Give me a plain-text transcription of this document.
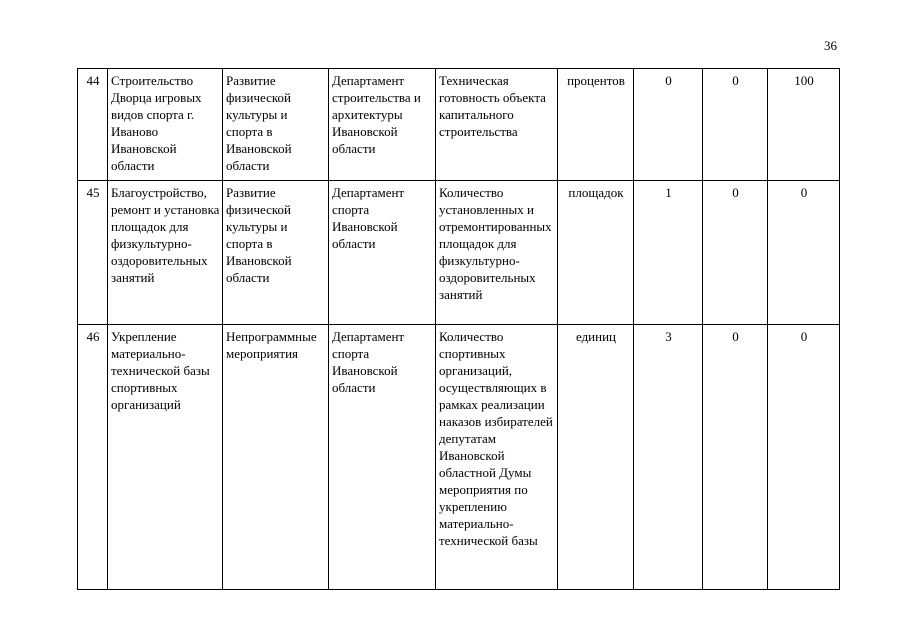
36
44	Строительство Дворца игровых видов спорта г. Иваново Ивановской области	Развитие физической культуры и спорта в Ивановской области	Департамент строительства и архитектуры Ивановской области	Техническая готовность объекта капитального строительства	процентов	0	0	100
45	Благоустройство, ремонт и установка площадок для физкультурно-оздоровительных занятий	Развитие физической культуры и спорта в Ивановской области	Департамент спорта Ивановской области	Количество установленных и отремонтированных площадок для физкультурно-оздоровительных занятий	площадок	1	0	0
46	Укрепление материально-технической базы спортивных организаций	Непрограммные мероприятия	Департамент спорта Ивановской области	Количество спортивных организаций, осуществляющих в рамках реализации наказов избирателей депутатам Ивановской областной Думы мероприятия по укреплению материально-технической базы	единиц	3	0	0
